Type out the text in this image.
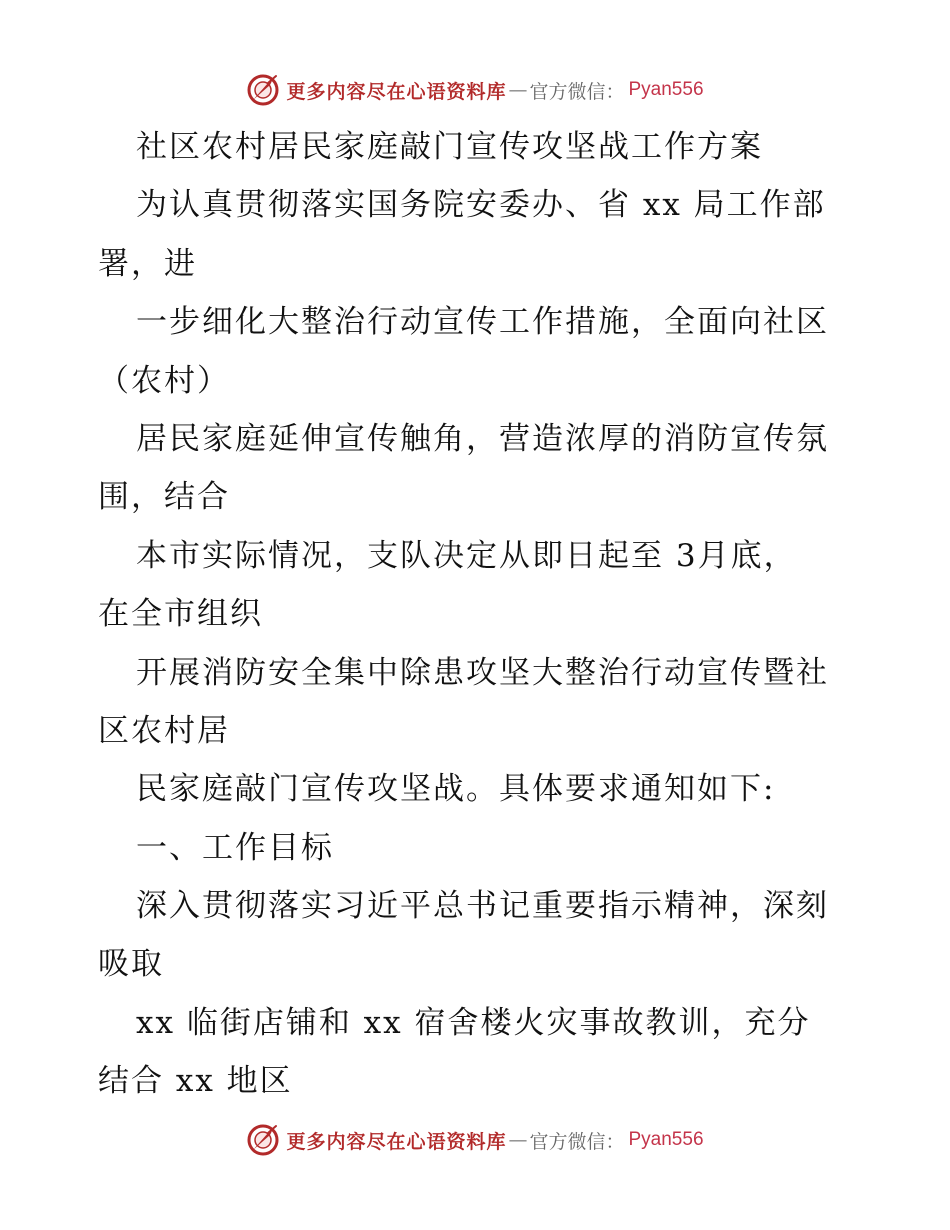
更多内容尽在心语资料库 — 官方微信： Pyan556
社区农村居民家庭敲门宣传攻坚战工作方案
为认真贯彻落实国务院安委办、省 xx 局工作部
署，进
一步细化大整治行动宣传工作措施，全面向社区
（农村）
居民家庭延伸宣传触角，营造浓厚的消防宣传氛
围，结合
本市实际情况，支队决定从即日起至 3月底，
在全市组织
开展消防安全集中除患攻坚大整治行动宣传暨社
区农村居
民家庭敲门宣传攻坚战。具体要求通知如下:
一、工作目标
深入贯彻落实习近平总书记重要指示精神，深刻
吸取
xx 临街店铺和 xx 宿舍楼火灾事故教训，充分
结合 xx 地区
更多内容尽在心语资料库 — 官方微信： Pyan556
